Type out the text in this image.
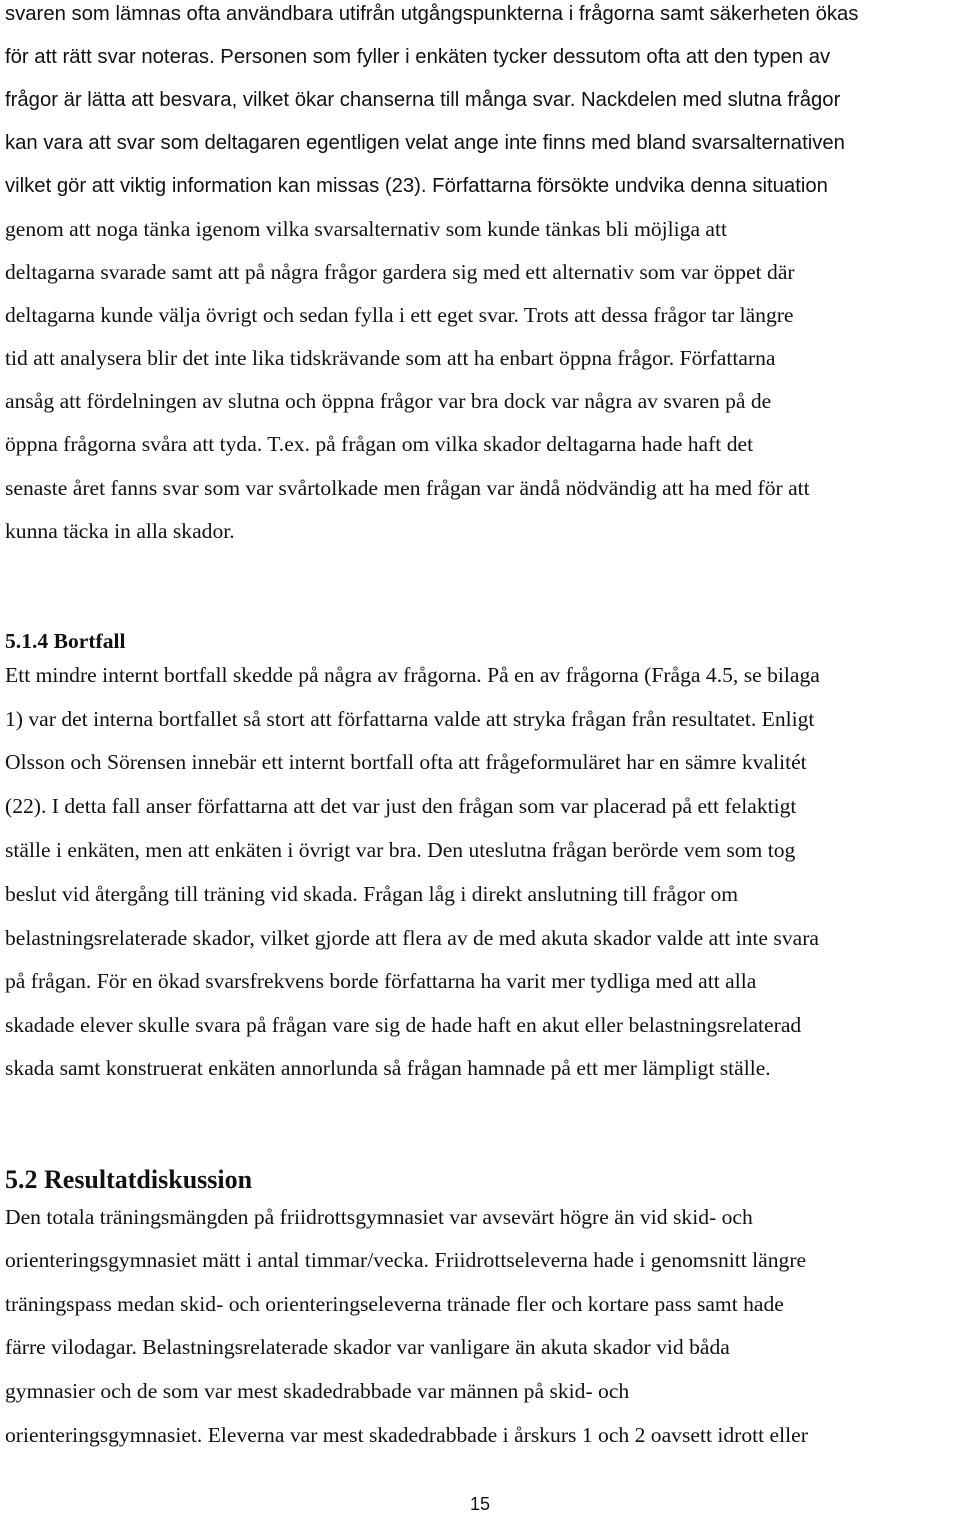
svaren som lämnas ofta användbara utifrån utgångspunkterna i frågorna samt säkerheten ökas
för att rätt svar noteras. Personen som fyller i enkäten tycker dessutom ofta att den typen av
frågor är lätta att besvara, vilket ökar chanserna till många svar. Nackdelen med slutna frågor
kan vara att svar som deltagaren egentligen velat ange inte finns med bland svarsalternativen
vilket gör att viktig information kan missas (23). Författarna försökte undvika denna situation
genom att noga tänka igenom vilka svarsalternativ som kunde tänkas bli möjliga att
deltagarna svarade samt att på några frågor gardera sig med ett alternativ som var öppet där
deltagarna kunde välja övrigt och sedan fylla i ett eget svar. Trots att dessa frågor tar längre
tid att analysera blir det inte lika tidskrävande som att ha enbart öppna frågor. Författarna
ansåg att fördelningen av slutna och öppna frågor var bra dock var några av svaren på de
öppna frågorna svåra att tyda. T.ex. på frågan om vilka skador deltagarna hade haft det
senaste året fanns svar som var svårtolkade men frågan var ändå nödvändig att ha med för att
kunna täcka in alla skador.
5.1.4 Bortfall
Ett mindre internt bortfall skedde på några av frågorna. På en av frågorna (Fråga 4.5, se bilaga
1) var det interna bortfallet så stort att författarna valde att stryka frågan från resultatet. Enligt
Olsson och Sörensen innebär ett internt bortfall ofta att frågeformuläret har en sämre kvalitét
(22). I detta fall anser författarna att det var just den frågan som var placerad på ett felaktigt
ställe i enkäten, men att enkäten i övrigt var bra. Den uteslutna frågan berörde vem som tog
beslut vid återgång till träning vid skada. Frågan låg i direkt anslutning till frågor om
belastningsrelaterade skador, vilket gjorde att flera av de med akuta skador valde att inte svara
på frågan. För en ökad svarsfrekvens borde författarna ha varit mer tydliga med att alla
skadade elever skulle svara på frågan vare sig de hade haft en akut eller belastningsrelaterad
skada samt konstruerat enkäten annorlunda så frågan hamnade på ett mer lämpligt ställe.
5.2 Resultatdiskussion
Den totala träningsmängden på friidrottsgymnasiet var avsevärt högre än vid skid- och
orienteringsgymnasiet mätt i antal timmar/vecka. Friidrottseleverna hade i genomsnitt längre
träningspass medan skid- och orienteringseleverna tränade fler och kortare pass samt hade
färre vilodagar. Belastningsrelaterade skador var vanligare än akuta skador vid båda
gymnasier och de som var mest skadedrabbade var männen på skid- och
orienteringsgymnasiet. Eleverna var mest skadedrabbade i årskurs 1 och 2 oavsett idrott eller
15
